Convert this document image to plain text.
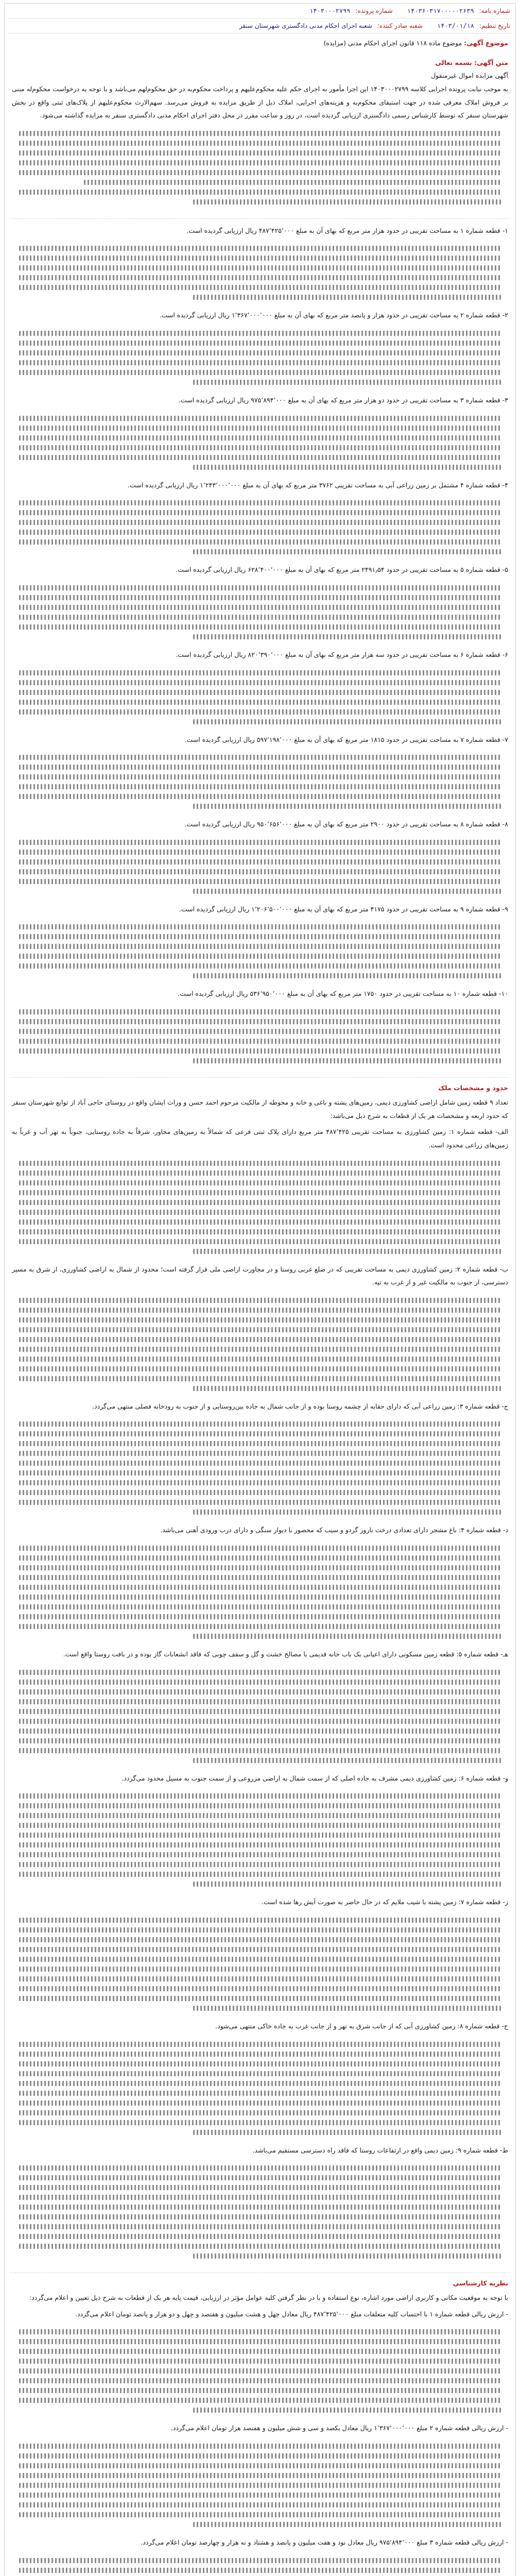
شماره نامه: ۱۴۰۳۶۰۳۱۷۰۰۰۰۰۲۶۳۹
شماره پرونده: ۱۴۰۳۰۰۰۲۷۹۹
تاریخ تنظیم: ۱۴۰۳/۰۱/۱۸
شعبه صادر کننده: شعبه اجرای احکام مدنی دادگستری شهرستان سنقر
موضوع آگهی: موضوع ماده ۱۱۸ قانون اجرای احکام مدنی (مزایده)
متن آگهی: بسمه تعالی
آگهی مزایده اموال غیرمنقول

به موجب نیابت پرونده اجرایی کلاسه ۱۴۰۳۰۰۰۲۷۹۹ این اجرا مأمور به اجرای حکم علیه محکوم‌علیهم و پرداخت محکوم‌به در حق محکوم‌لهم می‌باشد و با توجه به درخواست محکوم‌له مبنی بر فروش املاک معرفی شده در جهت استیفای محکوم‌به و هزینه‌های اجرایی، املاک ذیل از طریق مزایده به فروش می‌رسد. سهم‌الارث محکوم‌علیهم از پلاک‌های ثبتی واقع در بخش شهرستان سنقر که توسط کارشناس رسمی دادگستری ارزیابی گردیده است، در روز و ساعت مقرر در محل دفتر اجرای احکام مدنی دادگستری سنقر به مزایده گذاشته می‌شود.

۱- قطعه شماره ۱ به مساحت تقریبی در حدود هزار متر مربع که بهای آن به مبلغ ۴۸۷٬۴۲۵٬۰۰۰ ریال ارزیابی گردیده است.

۲- قطعه شماره ۲ به مساحت تقریبی در حدود هزار و پانصد متر مربع که بهای آن به مبلغ ۱٬۳۶۷٬۰۰۰٬۰۰۰ ریال ارزیابی گردیده است.

۳- قطعه شماره ۳ به مساحت تقریبی در حدود دو هزار متر مربع که بهای آن به مبلغ ۹۷۵٬۸۹۴٬۰۰۰ ریال ارزیابی گردیده است.

۴- قطعه شماره ۴ مشتمل بر زمین زراعی آبی به مساحت تقریبی ۳۷۶۲ متر مربع که بهای آن به مبلغ ۱٬۲۴۳٬۰۰۰٬۰۰۰ ریال ارزیابی گردیده است.

۵- قطعه شماره ۵ به مساحت تقریبی در حدود ۲۴۹۱٫۵۴ متر مربع که بهای آن به مبلغ ۶۲۸٬۴۰۰٬۰۰۰ ریال ارزیابی گردیده است.

۶- قطعه شماره ۶ به مساحت تقریبی در حدود سه هزار متر مربع که بهای آن به مبلغ ۸۲۰٬۳۹۰٬۰۰۰ ریال ارزیابی گردیده است.

۷- قطعه شماره ۷ به مساحت تقریبی در حدود ۱۸۱۵ متر مربع که بهای آن به مبلغ ۵۹۷٬۱۹۸٬۰۰۰ ریال ارزیابی گردیده است.

۸- قطعه شماره ۸ به مساحت تقریبی در حدود ۲۹۰۰ متر مربع که بهای آن به مبلغ ۹۵۰٬۶۵۶٬۰۰۰ ریال ارزیابی گردیده است.

۹- قطعه شماره ۹ به مساحت تقریبی در حدود ۴۱۷۵ متر مربع که بهای آن به مبلغ ۱٬۲۰۶٬۵۰۰٬۰۰۰ ریال ارزیابی گردیده است.

۱۰- قطعه شماره ۱۰ به مساحت تقریبی در حدود ۱۷۵۰ متر مربع که بهای آن به مبلغ ۵۳۶٬۹۵۰٬۰۰۰ ریال ارزیابی گردیده است.

حدود و مشخصات ملک

تعداد ۹ قطعه زمین شامل اراضی کشاورزی دیمی، زمین‌های پشته و باغی و خانه و محوطه از مالکیت مرحوم احمد حسن و وراث ایشان واقع در روستای حاجی آباد از توابع شهرستان سنقر که حدود اربعه و مشخصات هر یک از قطعات به شرح ذیل می‌باشد:

الف- قطعه شماره ۱: زمین کشاورزی به مساحت تقریبی ۴۸۷٬۴۲۵ متر مربع دارای پلاک ثبتی فرعی که شمالاً به زمین‌های مجاور، شرقاً به جاده روستایی، جنوباً به نهر آب و غرباً به زمین‌های زراعی محدود است.

ب- قطعه شماره ۲: زمین کشاورزی دیمی به مساحت تقریبی که در ضلع غربی روستا و در مجاورت اراضی ملی قرار گرفته است؛ محدود از شمال به اراضی کشاورزی، از شرق به مسیر دسترسی، از جنوب به مالکیت غیر و از غرب به تپه.

ج- قطعه شماره ۳: زمین زراعی آبی که دارای حقابه از چشمه روستا بوده و از جانب شمال به جاده بین‌روستایی و از جنوب به رودخانه فصلی منتهی می‌گردد.

د- قطعه شماره ۴: باغ مشجر دارای تعدادی درخت بارور گردو و سیب که محصور با دیوار سنگی و دارای درب ورودی آهنی می‌باشد.

هـ- قطعه شماره ۵: قطعه زمین مسکونی دارای اعیانی یک باب خانه قدیمی با مصالح خشت و گل و سقف چوبی که فاقد انشعابات گاز بوده و در بافت روستا واقع است.

و- قطعه شماره ۶: زمین کشاورزی دیمی مشرف به جاده اصلی که از سمت شمال به اراضی مزروعی و از سمت جنوب به مسیل محدود می‌گردد.

ز- قطعه شماره ۷: زمین پشته با شیب ملایم که در حال حاضر به صورت آیش رها شده است.

ح- قطعه شماره ۸: زمین کشاورزی آبی که از جانب شرق به نهر و از جانب غرب به جاده خاکی منتهی می‌شود.

ط- قطعه شماره ۹: زمین دیمی واقع در ارتفاعات روستا که فاقد راه دسترسی مستقیم می‌باشد.

نظریه کارشناسی

با توجه به موقعیت مکانی و کاربری اراضی مورد اشاره، نوع استفاده و با در نظر گرفتن کلیه عوامل مؤثر در ارزیابی، قیمت پایه هر یک از قطعات به شرح ذیل تعیین و اعلام می‌گردد:

- ارزش ریالی قطعه شماره ۱ با احتساب کلیه متعلقات مبلغ ۴۸۷٬۴۲۵٬۰۰۰ ریال معادل چهل و هشت میلیون و هفتصد و چهل و دو هزار و پانصد تومان اعلام می‌گردد.

- ارزش ریالی قطعه شماره ۲ مبلغ ۱٬۳۶۷٬۰۰۰٬۰۰۰ ریال معادل یکصد و سی و شش میلیون و هفتصد هزار تومان اعلام می‌گردد.

- ارزش ریالی قطعه شماره ۳ مبلغ ۹۷۵٬۸۹۴٬۰۰۰ ریال معادل نود و هفت میلیون و پانصد و هشتاد و نه هزار و چهارصد تومان اعلام می‌گردد.
